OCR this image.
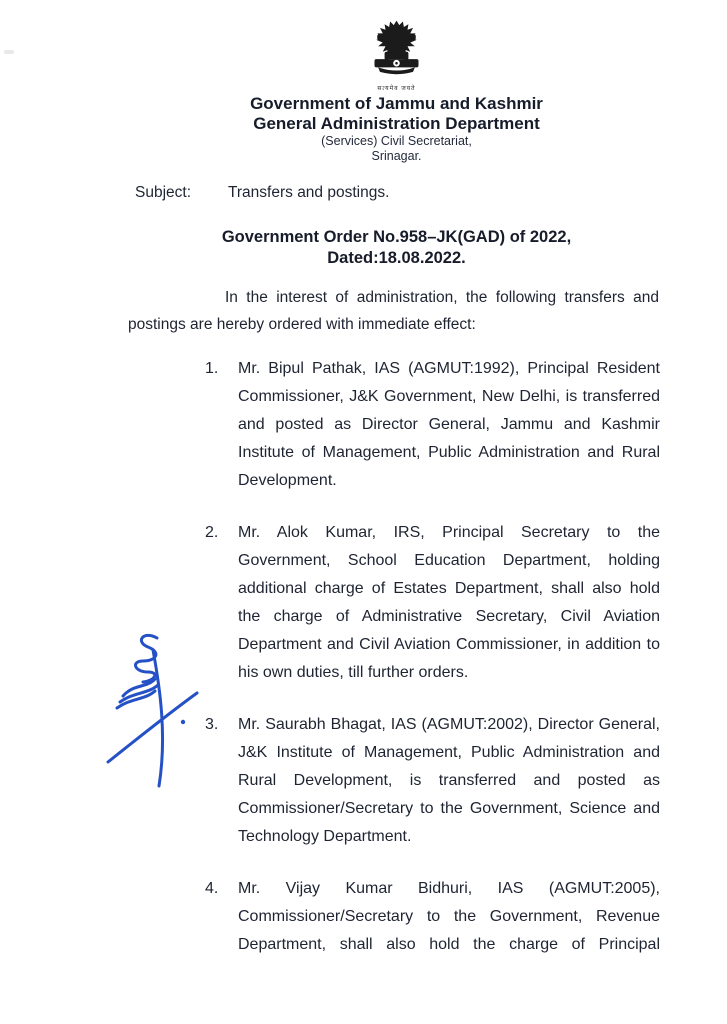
सत्यमेव जयते
Government of Jammu and Kashmir
General Administration Department
(Services) Civil Secretariat,
Srinagar.
Subject:	Transfers and postings.
Government Order No.958–JK(GAD) of 2022,
Dated:18.08.2022.
In the interest of administration, the following transfers and postings are hereby ordered with immediate effect:
1.	Mr. Bipul Pathak, IAS (AGMUT:1992), Principal Resident Commissioner, J&K Government, New Delhi, is transferred and posted as Director General, Jammu and Kashmir Institute of Management, Public Administration and Rural Development.
2.	Mr. Alok Kumar, IRS, Principal Secretary to the Government, School Education Department, holding additional charge of Estates Department, shall also hold the charge of Administrative Secretary, Civil Aviation Department and Civil Aviation Commissioner, in addition to his own duties, till further orders.
3.	Mr. Saurabh Bhagat, IAS (AGMUT:2002), Director General, J&K Institute of Management, Public Administration and Rural Development, is transferred and posted as Commissioner/Secretary to the Government, Science and Technology Department.
4.	Mr. Vijay Kumar Bidhuri, IAS (AGMUT:2005), Commissioner/Secretary to the Government, Revenue Department, shall also hold the charge of Principal
